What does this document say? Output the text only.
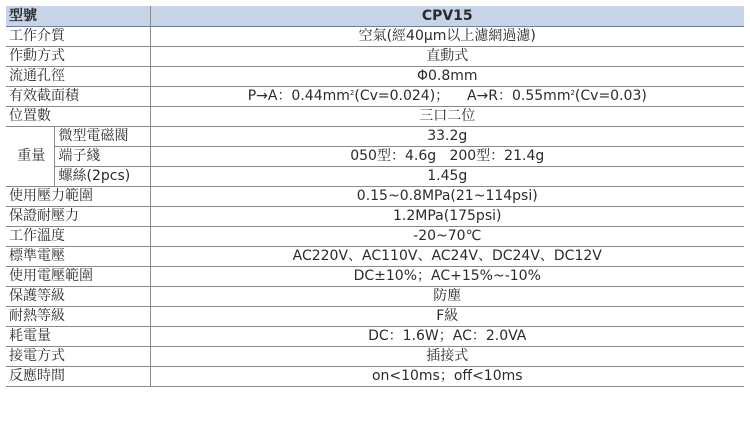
型號		CPV15
工作介質		空氣(經40μm以上濾網過濾)
作動方式		直動式
流通孔徑		Φ0.8mm
有效截面積		P→A：$0.44mm^2(Cv=0.024)$； A→R：$0.55mm^2(Cv=0.03)$
位置數		三口二位
重量	微型電磁閥	33.2g
	端子綫	050型：4.6g   200型：21.4g
	螺絲(2pcs)	1.45g
使用壓力範圍		0.15~0.8MPa(21~114psi)
保證耐壓力		1.2MPa(175psi)
工作溫度		-20~70℃
標準電壓		AC220V、AC110V、AC24V、DC24V、DC12V
使用電壓範圍		DC±10%；AC+15%~-10%
保護等級		防塵
耐熱等級		F級
耗電量		DC：1.6W；AC：2.0VA
接電方式		插接式
反應時間		on<10ms；off<10ms
